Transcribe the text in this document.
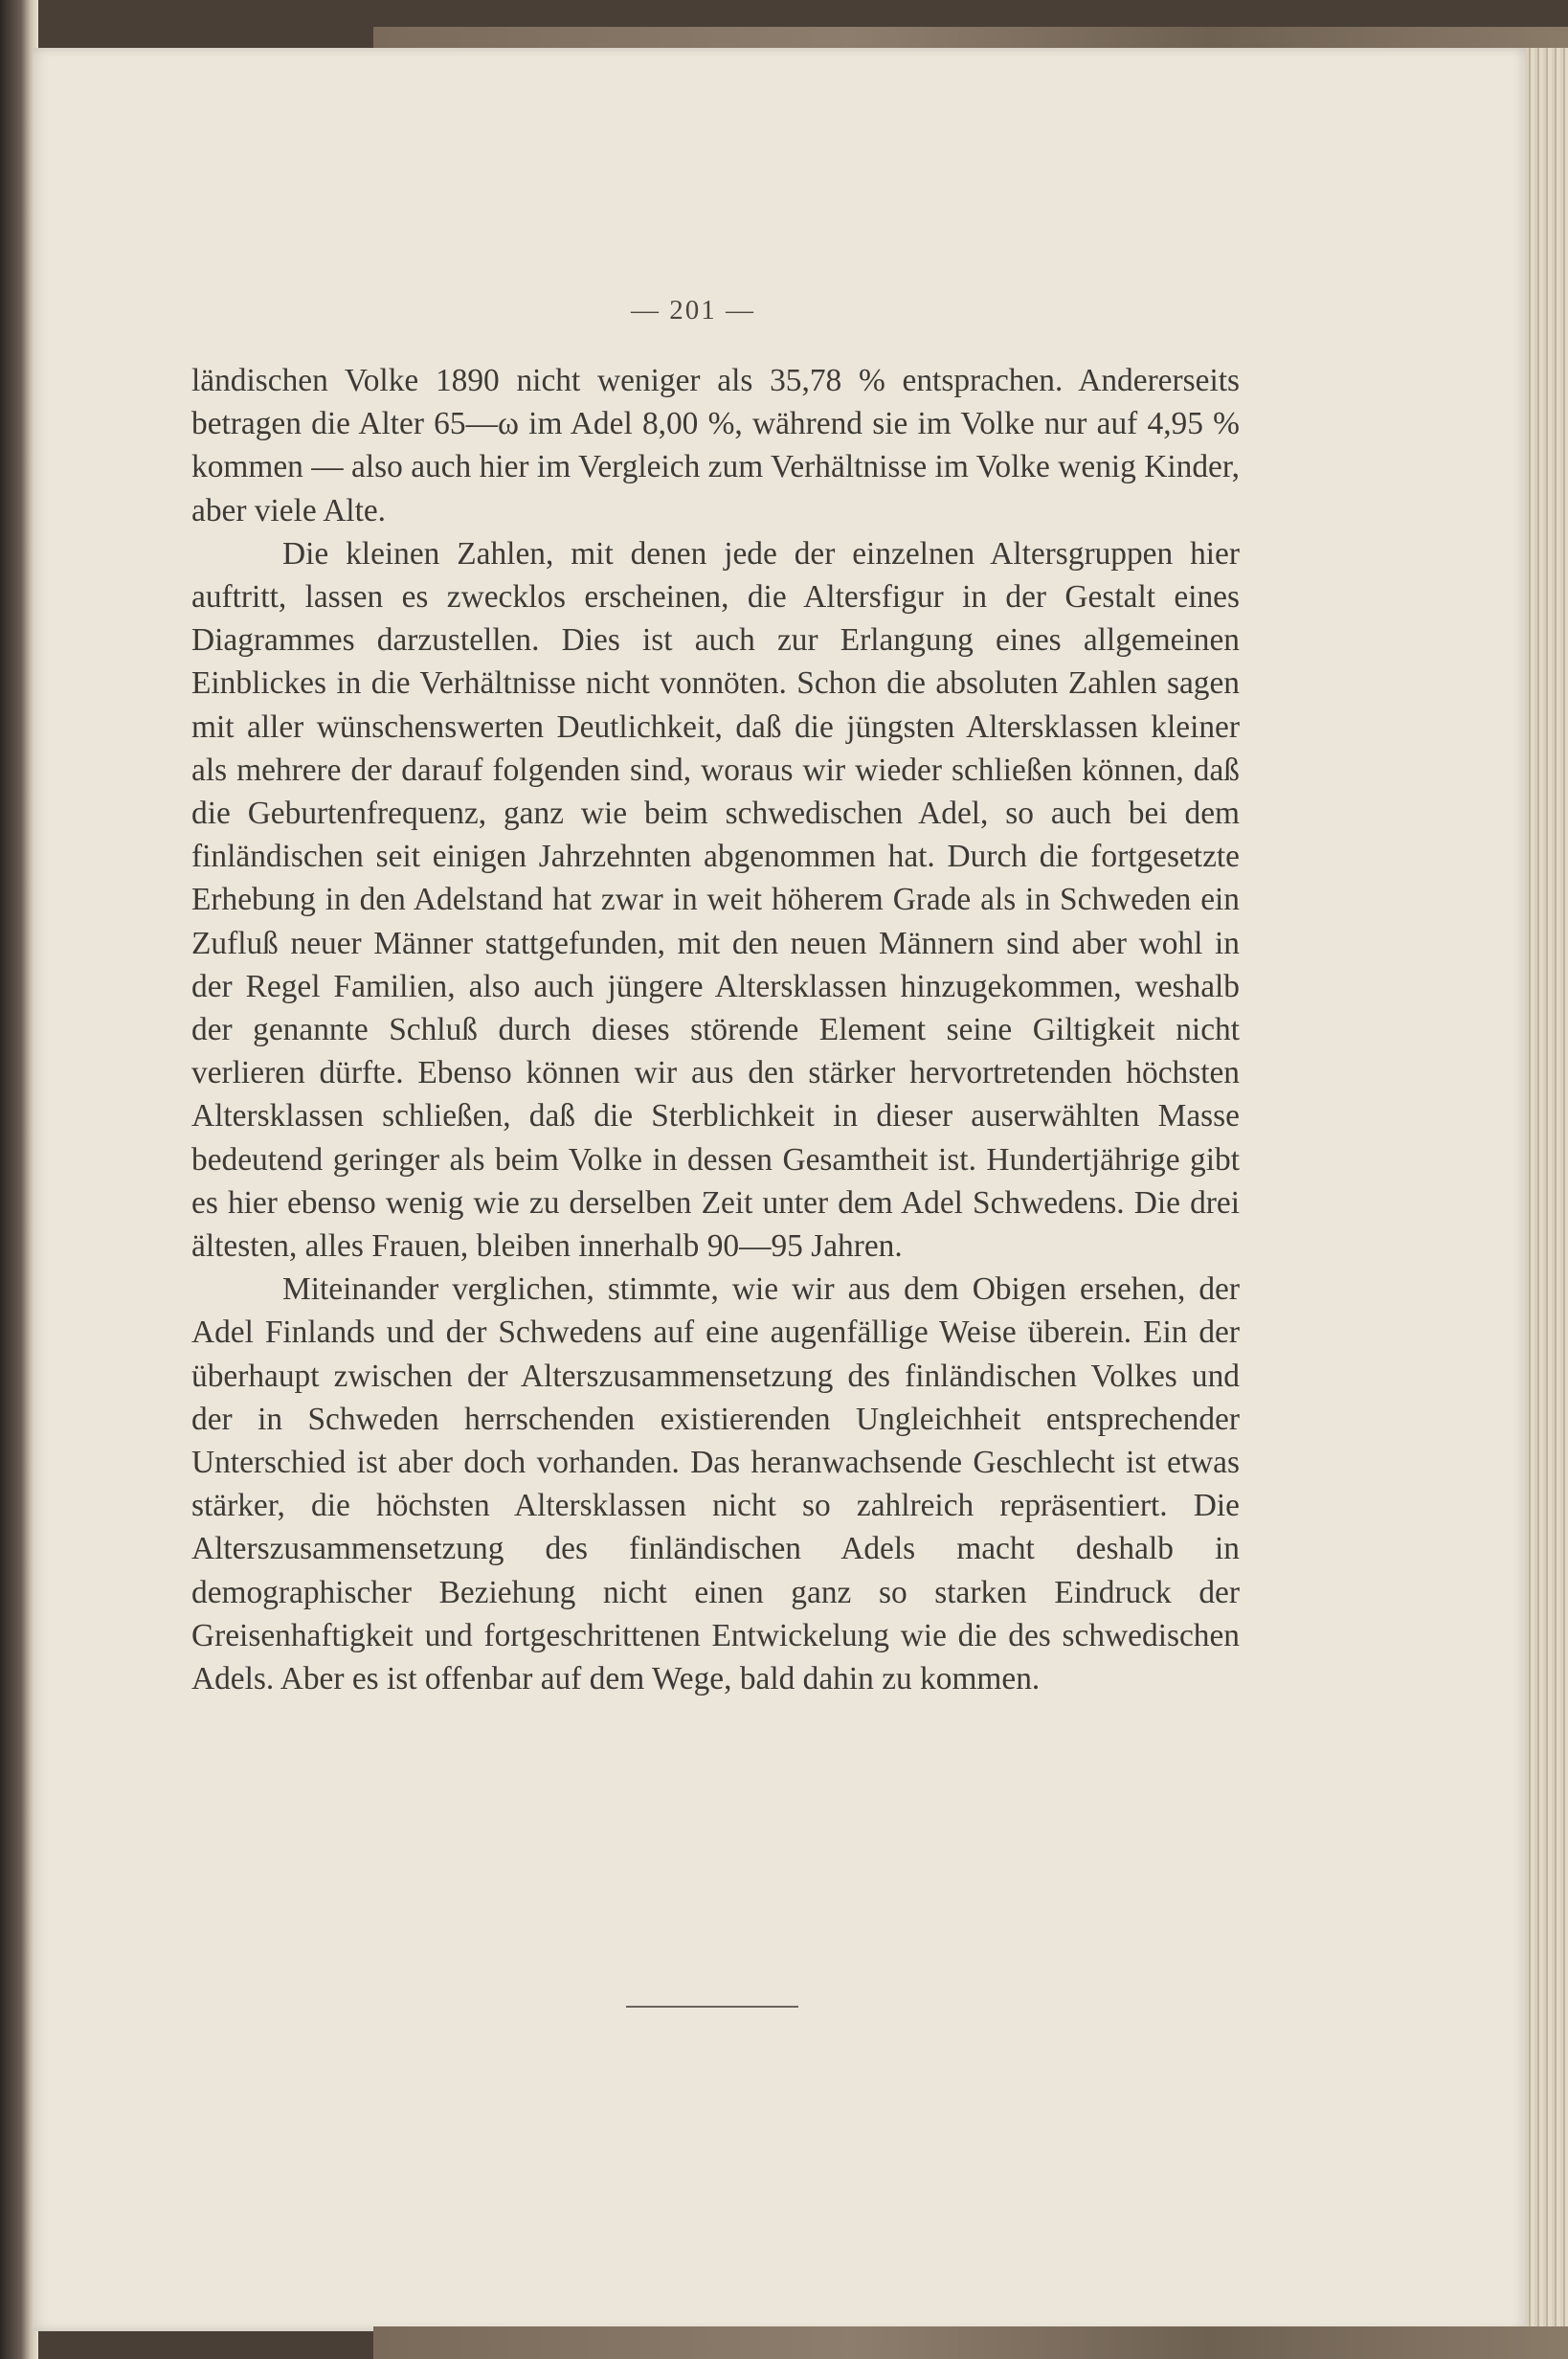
— 201 —

ländischen Volke 1890 nicht weniger als 35,78 % entsprachen. Andererseits betragen die Alter 65—ω im Adel 8,00 %, während sie im Volke nur auf 4,95 % kommen — also auch hier im Vergleich zum Verhältnisse im Volke wenig Kinder, aber viele Alte.

Die kleinen Zahlen, mit denen jede der einzelnen Altersgruppen hier auftritt, lassen es zwecklos erscheinen, die Altersfigur in der Gestalt eines Diagrammes darzustellen. Dies ist auch zur Erlangung eines allgemeinen Einblickes in die Verhältnisse nicht vonnöten. Schon die absoluten Zahlen sagen mit aller wünschenswerten Deutlichkeit, daß die jüngsten Altersklassen kleiner als mehrere der darauf folgenden sind, woraus wir wieder schließen können, daß die Geburtenfrequenz, ganz wie beim schwedischen Adel, so auch bei dem finländischen seit einigen Jahrzehnten abgenommen hat. Durch die fortgesetzte Erhebung in den Adelstand hat zwar in weit höherem Grade als in Schweden ein Zufluß neuer Männer stattgefunden, mit den neuen Männern sind aber wohl in der Regel Familien, also auch jüngere Altersklassen hinzugekommen, weshalb der genannte Schluß durch dieses störende Element seine Giltigkeit nicht verlieren dürfte. Ebenso können wir aus den stärker hervortretenden höchsten Altersklassen schließen, daß die Sterblichkeit in dieser auserwählten Masse bedeutend geringer als beim Volke in dessen Gesamtheit ist. Hundertjährige gibt es hier ebenso wenig wie zu derselben Zeit unter dem Adel Schwedens. Die drei ältesten, alles Frauen, bleiben innerhalb 90—95 Jahren.

Miteinander verglichen, stimmte, wie wir aus dem Obigen ersehen, der Adel Finlands und der Schwedens auf eine augenfällige Weise überein. Ein der überhaupt zwischen der Alterszusammensetzung des finländischen Volkes und der in Schweden herrschenden existierenden Ungleichheit entsprechender Unterschied ist aber doch vorhanden. Das heranwachsende Geschlecht ist etwas stärker, die höchsten Altersklassen nicht so zahlreich repräsentiert. Die Alterszusammensetzung des finländischen Adels macht deshalb in demographischer Beziehung nicht einen ganz so starken Eindruck der Greisenhaftigkeit und fortgeschrittenen Entwickelung wie die des schwedischen Adels. Aber es ist offenbar auf dem Wege, bald dahin zu kommen.
